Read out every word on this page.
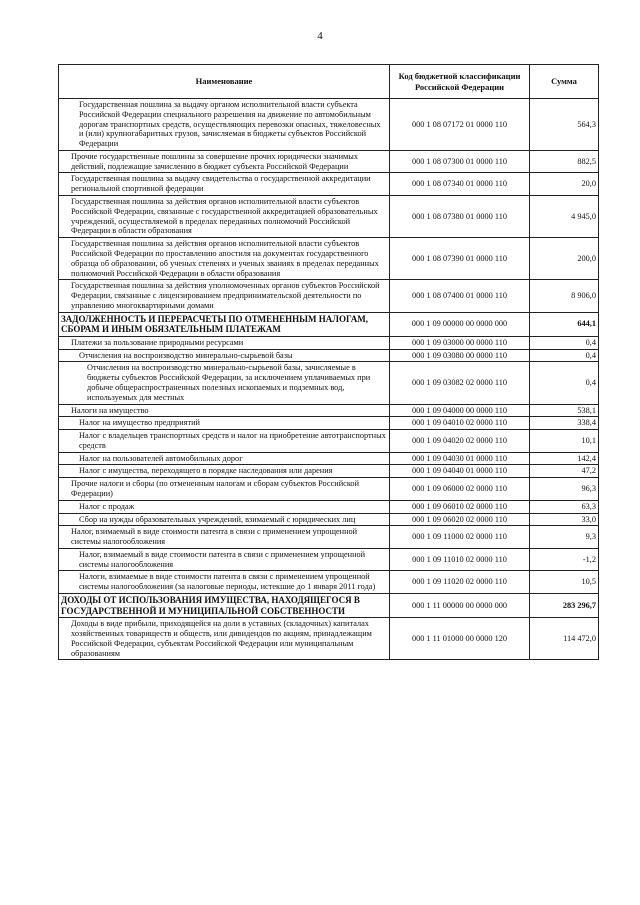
4
Наименование	Код бюджетной классификации Российской Федерации	Сумма
Государственная пошлина за выдачу органом исполнительной власти субъекта Российской Федерации специального разрешения на движение по автомобильным дорогам транспортных средств, осуществляющих перевозки опасных, тяжеловесных и (или) крупногабаритных грузов, зачисляемая в бюджеты субъектов Российской Федерации	000 1 08 07172 01 0000 110	564,3
Прочие государственные пошлины за совершение прочих юридически значимых действий, подлежащие зачислению в бюджет субъекта Российской Федерации	000 1 08 07300 01 0000 110	882,5
Государственная пошлина за выдачу свидетельства о государственной аккредитации региональной спортивной федерации	000 1 08 07340 01 0000 110	20,0
Государственная пошлина за действия органов исполнительной власти субъектов Российской Федерации, связанные с государственной аккредитацией образовательных учреждений, осуществляемой в пределах переданных полномочий Российской Федерации в области образования	000 1 08 07380 01 0000 110	4 945,0
Государственная пошлина за действия органов исполнительной власти субъектов Российской Федерации по проставлению апостиля на документах государственного образца об образовании, об ученых степенях и ученых званиях в пределах переданных полномочий Российской Федерации в области образования	000 1 08 07390 01 0000 110	200,0
Государственная пошлина за действия уполномоченных органов субъектов Российской Федерации, связанные с лицензированием предпринимательской деятельности по управлению многоквартирными домами	000 1 08 07400 01 0000 110	8 906,0
ЗАДОЛЖЕННОСТЬ И ПЕРЕРАСЧЕТЫ ПО ОТМЕНЕННЫМ НАЛОГАМ, СБОРАМ И ИНЫМ ОБЯЗАТЕЛЬНЫМ ПЛАТЕЖАМ	000 1 09 00000 00 0000 000	644,1
Платежи за пользование природными ресурсами	000 1 09 03000 00 0000 110	0,4
Отчисления на воспроизводство минерально-сырьевой базы	000 1 09 03080 00 0000 110	0,4
Отчисления на воспроизводство минерально-сырьевой базы, зачисляемые в бюджеты субъектов Российской Федерации, за исключением уплачиваемых при добыче общераспространенных полезных ископаемых и подземных вод, используемых для местных	000 1 09 03082 02 0000 110	0,4
Налоги на имущество	000 1 09 04000 00 0000 110	538,1
Налог на имущество предприятий	000 1 09 04010 02 0000 110	338,4
Налог с владельцев транспортных средств и налог на приобретение автотранспортных средств	000 1 09 04020 02 0000 110	10,1
Налог на пользователей автомобильных дорог	000 1 09 04030 01 0000 110	142,4
Налог с имущества, переходящего в порядке наследования или дарения	000 1 09 04040 01 0000 110	47,2
Прочие налоги и сборы (по отмененным налогам и сборам субъектов Российской Федерации)	000 1 09 06000 02 0000 110	96,3
Налог с продаж	000 1 09 06010 02 0000 110	63,3
Сбор на нужды образовательных учреждений, взимаемый с юридических лиц	000 1 09 06020 02 0000 110	33,0
Налог, взимаемый в виде стоимости патента в связи с применением упрощенной системы налогообложения	000 1 09 11000 02 0000 110	9,3
Налог, взимаемый в виде стоимости патента в связи с применением упрощенной системы налогообложения	000 1 09 11010 02 0000 110	-1,2
Налоги, взимаемые в виде стоимости патента в связи с применением упрощенной системы налогообложения (за налоговые периоды, истекшие до 1 января 2011 года)	000 1 09 11020 02 0000 110	10,5
ДОХОДЫ ОТ ИСПОЛЬЗОВАНИЯ ИМУЩЕСТВА, НАХОДЯЩЕГОСЯ В ГОСУДАРСТВЕННОЙ И МУНИЦИПАЛЬНОЙ СОБСТВЕННОСТИ	000 1 11 00000 00 0000 000	283 296,7
Доходы в виде прибыли, приходящейся на доли в уставных (складочных) капиталах хозяйственных товариществ и обществ, или дивидендов по акциям, принадлежащим Российской Федерации, субъектам Российской Федерации или муниципальным образованиям	000 1 11 01000 00 0000 120	114 472,0
